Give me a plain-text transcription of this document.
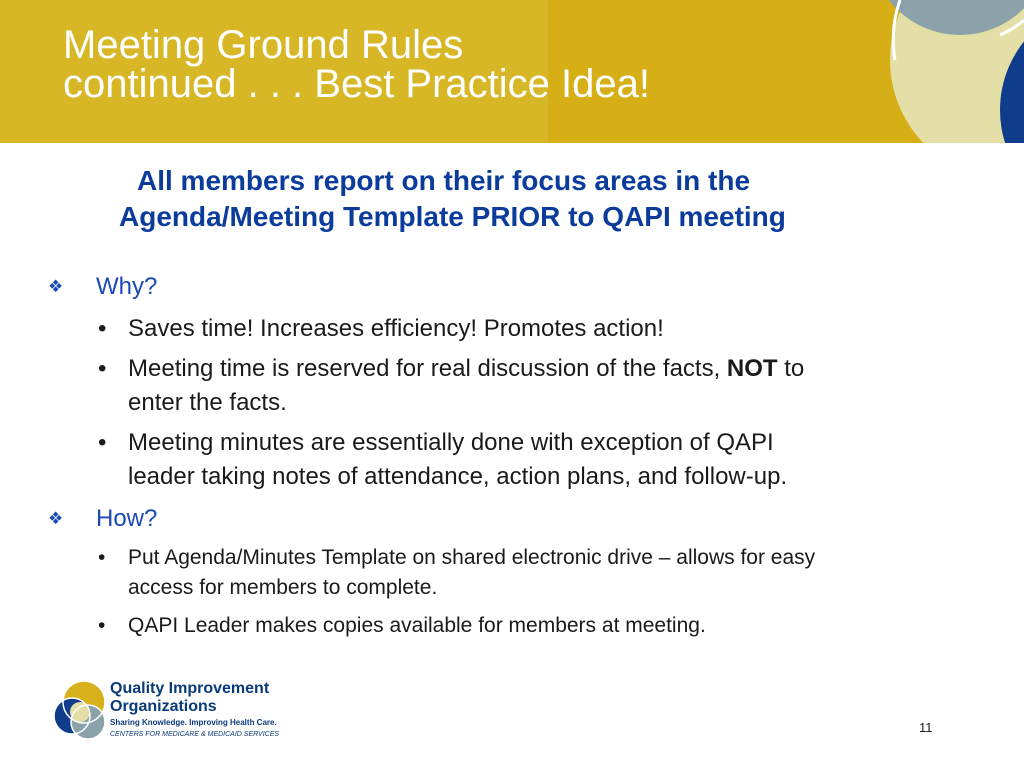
Meeting Ground Rules
continued . . . Best Practice Idea!
All members report on their focus areas in the
Agenda/Meeting Template PRIOR to QAPI meeting
❖ Why?
• Saves time! Increases efficiency! Promotes action!
• Meeting time is reserved for real discussion of the facts, NOT to
enter the facts.
• Meeting minutes are essentially done with exception of QAPI
leader taking notes of attendance, action plans, and follow-up.
❖ How?
• Put Agenda/Minutes Template on shared electronic drive – allows for easy
access for members to complete.
• QAPI Leader makes copies available for members at meeting.
Quality Improvement
Organizations
Sharing Knowledge. Improving Health Care.
CENTERS FOR MEDICARE & MEDICAID SERVICES	11
